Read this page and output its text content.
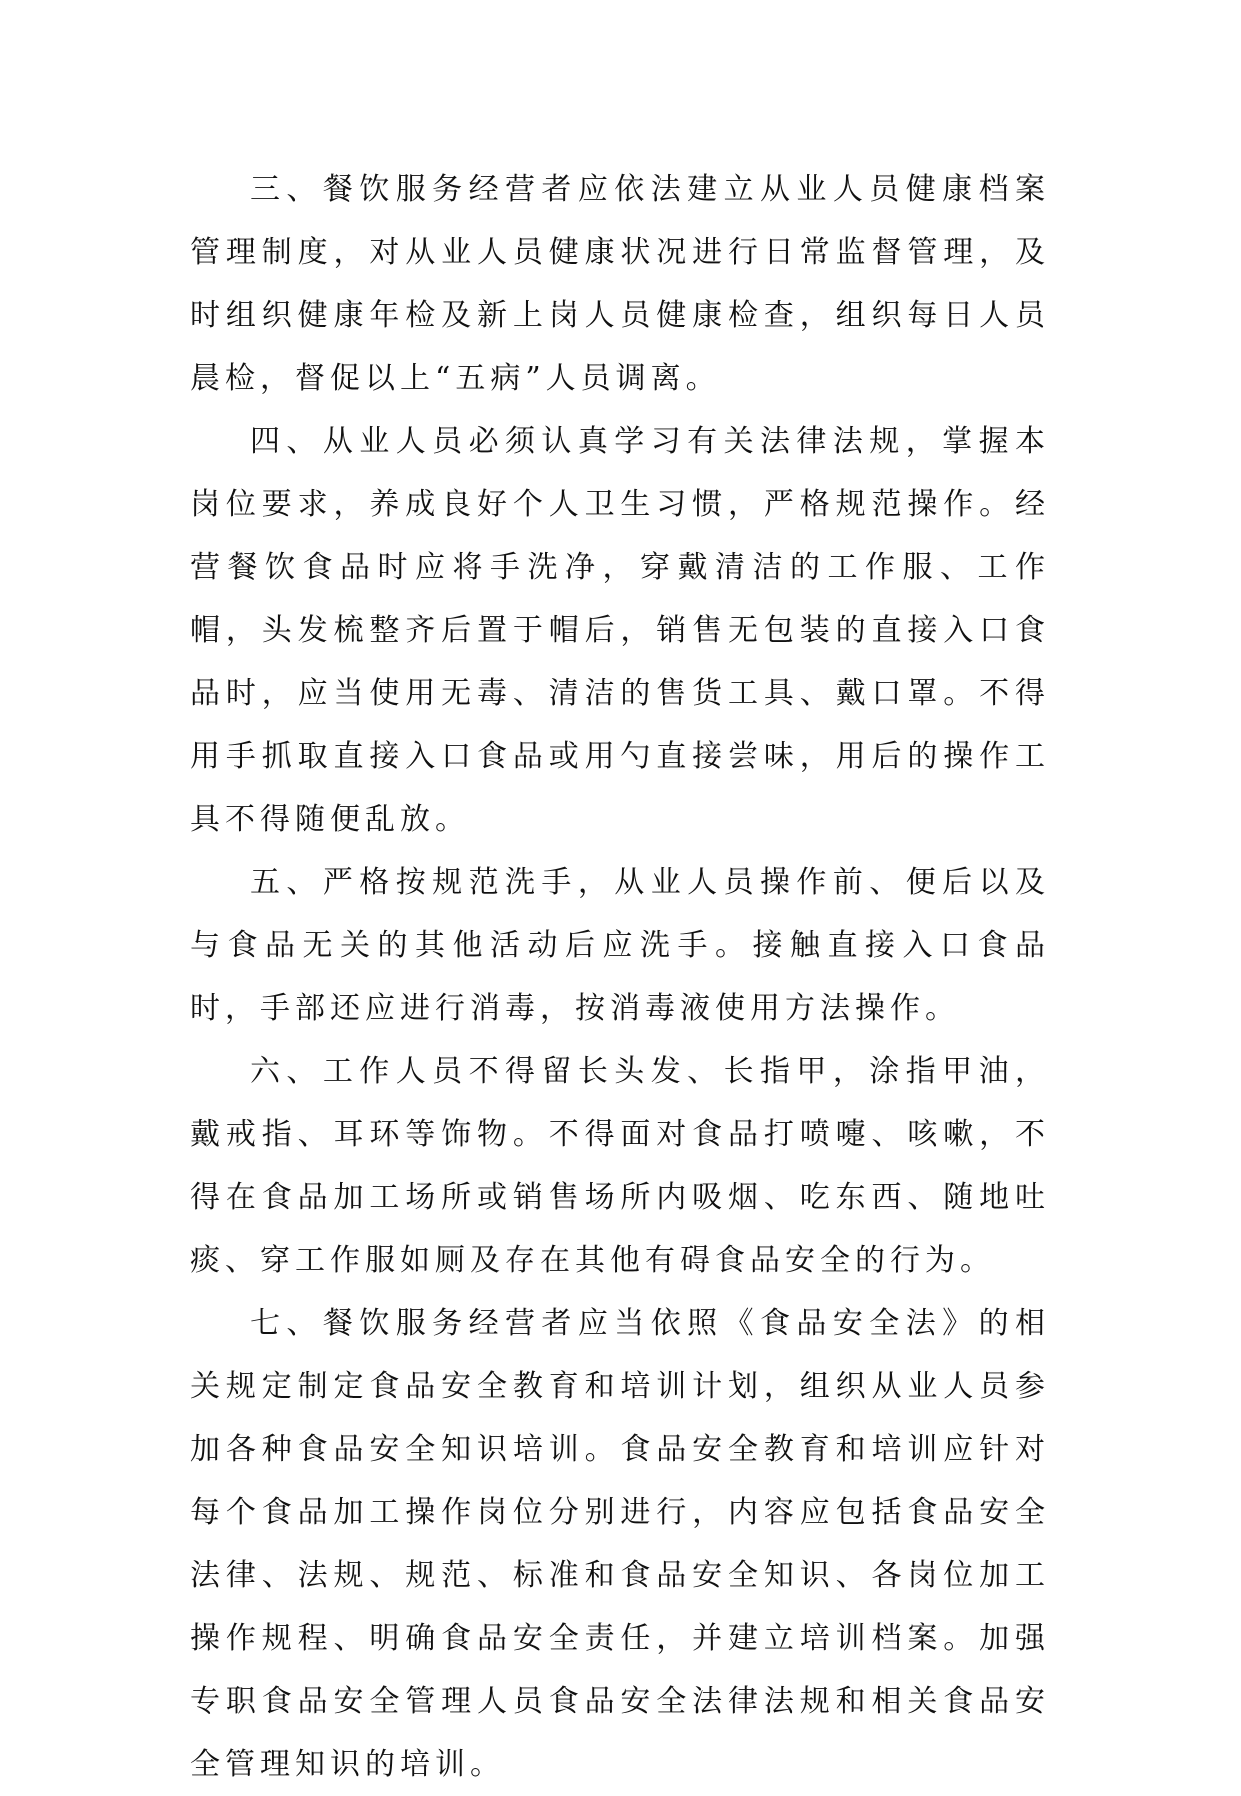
三、餐饮服务经营者应依法建立从业人员健康档案管理制度，对从业人员健康状况进行日常监督管理，及时组织健康年检及新上岗人员健康检查，组织每日人员晨检，督促以上“五病”人员调离。

四、从业人员必须认真学习有关法律法规，掌握本岗位要求，养成良好个人卫生习惯，严格规范操作。经营餐饮食品时应将手洗净，穿戴清洁的工作服、工作帽，头发梳整齐后置于帽后，销售无包装的直接入口食品时，应当使用无毒、清洁的售货工具、戴口罩。不得用手抓取直接入口食品或用勺直接尝味，用后的操作工具不得随便乱放。

五、严格按规范洗手，从业人员操作前、便后以及与食品无关的其他活动后应洗手。接触直接入口食品时，手部还应进行消毒，按消毒液使用方法操作。

六、工作人员不得留长头发、长指甲，涂指甲油，戴戒指、耳环等饰物。不得面对食品打喷嚏、咳嗽，不得在食品加工场所或销售场所内吸烟、吃东西、随地吐痰、穿工作服如厕及存在其他有碍食品安全的行为。

七、餐饮服务经营者应当依照《食品安全法》的相关规定制定食品安全教育和培训计划，组织从业人员参加各种食品安全知识培训。食品安全教育和培训应针对每个食品加工操作岗位分别进行，内容应包括食品安全法律、法规、规范、标准和食品安全知识、各岗位加工操作规程、明确食品安全责任，并建立培训档案。加强专职食品安全管理人员食品安全法律法规和相关食品安全管理知识的培训。
